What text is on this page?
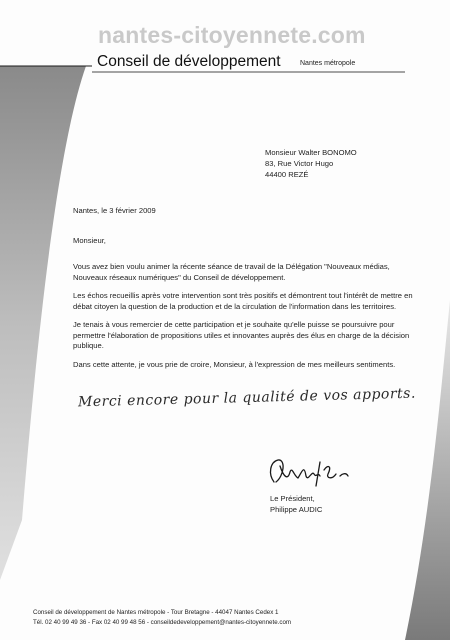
nantes-citoyennete.com
Conseil de développement	Nantes métropole
Monsieur Walter BONOMO
83, Rue Victor Hugo
44400 REZÉ
Nantes, le 3 février 2009
Monsieur,

Vous avez bien voulu animer la récente séance de travail de la Délégation "Nouveaux médias, Nouveaux réseaux numériques" du Conseil de développement.

Les échos recueillis après votre intervention sont très positifs et démontrent tout l'intérêt de mettre en débat citoyen la question de la production et de la circulation de l'information dans les territoires.

Je tenais à vous remercier de cette participation et je souhaite qu'elle puisse se poursuivre pour permettre l'élaboration de propositions utiles et innovantes auprès des élus en charge de la décision publique.

Dans cette attente, je vous prie de croire, Monsieur, à l'expression de mes meilleurs sentiments.

Merci encore pour la qualité de vos apports.
Le Président,
Philippe AUDIC
Conseil de développement de Nantes métropole - Tour Bretagne - 44047 Nantes Cedex 1
Tél. 02 40 99 49 36 - Fax 02 40 99 48 56 - conseildedeveloppement@nantes-citoyennete.com
